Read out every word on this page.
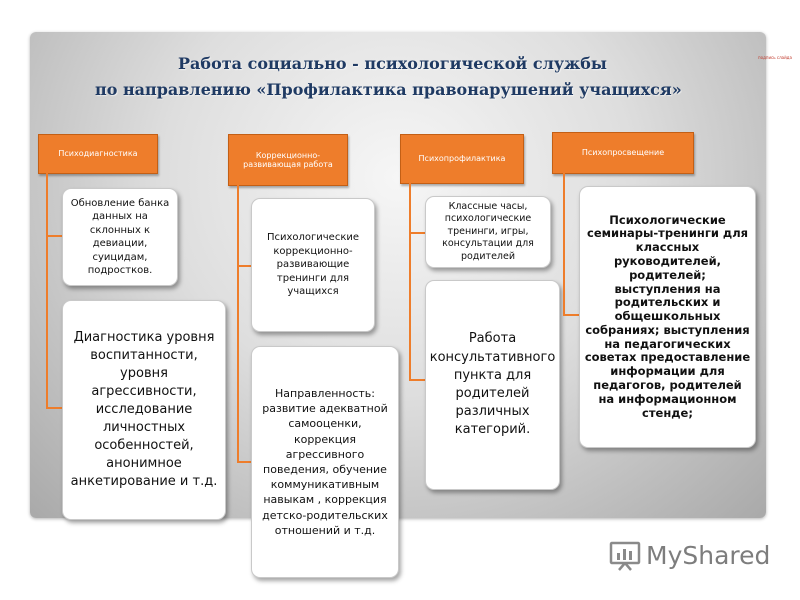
Работа социально - психологической службы
по направлению «Профилактика правонарушений учащихся»
Психодиагностика
Обновление банка данных на склонных к девиации, суицидам, подростков.
Диагностика уровня воспитанности, уровня агрессивности, исследование личностных особенностей, анонимное анкетирование и т.д.
Коррекционно-развивающая работа
Психологические коррекционно-развивающие тренинги для учащихся
Направленность: развитие адекватной самооценки, коррекция агрессивного поведения, обучение коммуникативным навыкам , коррекция детско-родительских отношений и т.д.
Психопрофилактика
Классные часы, психологические тренинги, игры, консультации для родителей
Работа консультативного пункта для родителей различных категорий.
Психопросвещение
Психологические семинары-тренинги для классных руководителей, родителей; выступления на родительских и общешкольных собраниях; выступления на педагогических советах предоставление информации для педагогов, родителей на информационном стенде;
подпись слайда
MyShared
